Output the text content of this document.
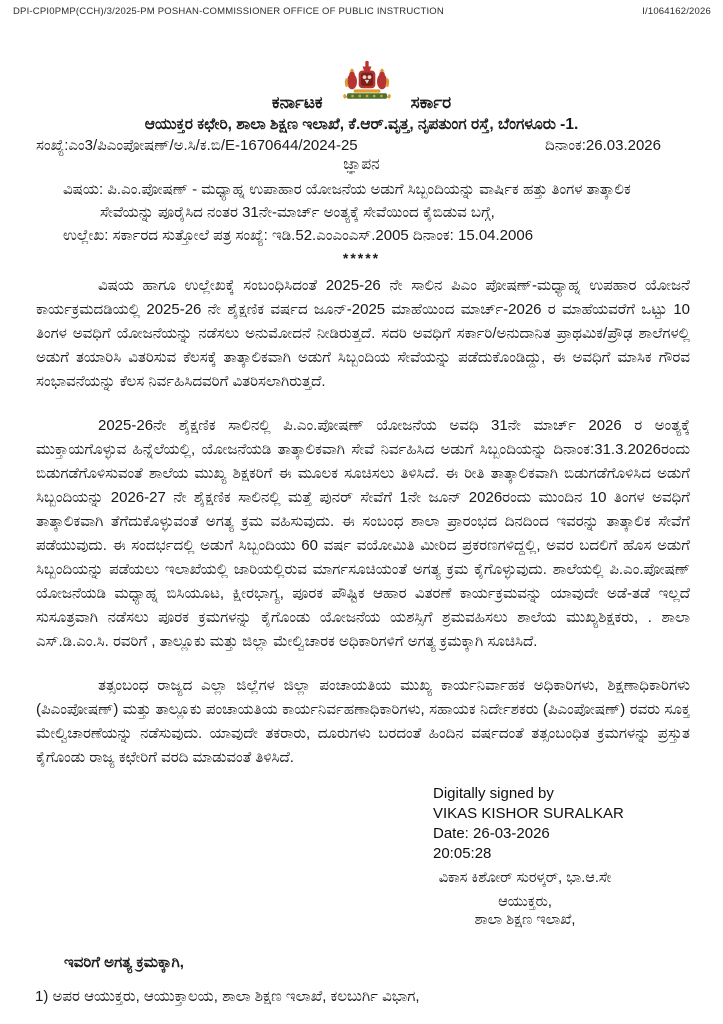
DPI-CPI0PMP(CCH)/3/2025-PM POSHAN-COMMISSIONER OFFICE OF PUBLIC INSTRUCTION	I/1064162/2026
ಕರ್ನಾಟಕ	ಸರ್ಕಾರ
ಆಯುಕ್ತರ ಕಛೇರಿ, ಶಾಲಾ ಶಿಕ್ಷಣ ಇಲಾಖೆ, ಕೆ.ಆರ್.ವೃತ್ತ, ನೃಪತುಂಗ ರಸ್ತೆ, ಬೆಂಗಳೂರು -1.
ಸಂಖ್ಯೆ:ಎಂ3/ಪಿಎಂಪೋಷಣ್/ಅ.ಸಿ/ಕ.ಬಿ/E-1670644/2024-25	ದಿನಾಂಕ:26.03.2026
ಜ್ಞಾಪನ
ವಿಷಯ: ಪಿ.ಎಂ.ಪೋಷಣ್ - ಮಧ್ಯಾಹ್ನ ಉಪಾಹಾರ ಯೋಜನೆಯ ಅಡುಗೆ ಸಿಬ್ಬಂದಿಯನ್ನು ವಾರ್ಷಿಕ ಹತ್ತು ತಿಂಗಳ ತಾತ್ಕಾಲಿಕ ಸೇವೆಯನ್ನು ಪೂರೈಸಿದ ನಂತರ 31ನೇ-ಮಾರ್ಚ್ ಅಂತ್ಯಕ್ಕೆ ಸೇವೆಯಿಂದ ಕೈಬಿಡುವ ಬಗ್ಗೆ,
ಉಲ್ಲೇಖ: ಸರ್ಕಾರದ ಸುತ್ತೋಲೆ ಪತ್ರ ಸಂಖ್ಯೆ: ಇಡಿ.52.ಎಂಎಂಎಸ್.2005 ದಿನಾಂಕ: 15.04.2006
*****

ವಿಷಯ ಹಾಗೂ ಉಲ್ಲೇಖಕ್ಕೆ ಸಂಬಂಧಿಸಿದಂತೆ 2025-26 ನೇ ಸಾಲಿನ ಪಿಎಂ ಪೋಷಣ್-ಮಧ್ಯಾಹ್ನ ಉಪಹಾರ ಯೋಜನೆ ಕಾರ್ಯಕ್ರಮದಡಿಯಲ್ಲಿ 2025-26 ನೇ ಶೈಕ್ಷಣಿಕ ವರ್ಷದ ಜೂನ್-2025 ಮಾಹೆಯಿಂದ ಮಾರ್ಚ್-2026 ರ ಮಾಹೆಯವರೆಗೆ ಒಟ್ಟು 10 ತಿಂಗಳ ಅವಧಿಗೆ ಯೋಜನೆಯನ್ನು ನಡೆಸಲು ಅನುಮೋದನೆ ನೀಡಿರುತ್ತದೆ. ಸದರಿ ಅವಧಿಗೆ ಸರ್ಕಾರಿ/ಅನುದಾನಿತ ಪ್ರಾಥಮಿಕ/ಪ್ರೌಢ ಶಾಲೆಗಳಲ್ಲಿ ಅಡುಗೆ ತಯಾರಿಸಿ ವಿತರಿಸುವ ಕೆಲಸಕ್ಕೆ ತಾತ್ಕಾಲಿಕವಾಗಿ ಅಡುಗೆ ಸಿಬ್ಬಂದಿಯ ಸೇವೆಯನ್ನು ಪಡೆದುಕೊಂಡಿದ್ದು, ಈ ಅವಧಿಗೆ ಮಾಸಿಕ ಗೌರವ ಸಂಭಾವನೆಯನ್ನು ಕೆಲಸ ನಿರ್ವಹಿಸಿದವರಿಗೆ ವಿತರಿಸಲಾಗಿರುತ್ತದೆ.

2025-26ನೇ ಶೈಕ್ಷಣಿಕ ಸಾಲಿನಲ್ಲಿ ಪಿ.ಎಂ.ಪೋಷಣ್ ಯೋಜನೆಯ ಅವಧಿ 31ನೇ ಮಾರ್ಚ್ 2026 ರ ಅಂತ್ಯಕ್ಕೆ ಮುಕ್ತಾಯಗೊಳ್ಳುವ ಹಿನ್ನೆಲೆಯಲ್ಲಿ, ಯೋಜನೆಯಡಿ ತಾತ್ಕಾಲಿಕವಾಗಿ ಸೇವೆ ನಿರ್ವಹಿಸಿದ ಅಡುಗೆ ಸಿಬ್ಬಂದಿಯನ್ನು ದಿನಾಂಕ:31.3.2026ರಂದು ಬಿಡುಗಡೆಗೊಳಿಸುವಂತೆ ಶಾಲೆಯ ಮುಖ್ಯ ಶಿಕ್ಷಕರಿಗೆ ಈ ಮೂಲಕ ಸೂಚಿಸಲು ತಿಳಿಸಿದೆ. ಈ ರೀತಿ ತಾತ್ಕಾಲಿಕವಾಗಿ ಬಿಡುಗಡೆಗೊಳಿಸಿದ ಅಡುಗೆ ಸಿಬ್ಬಂದಿಯನ್ನು 2026-27 ನೇ ಶೈಕ್ಷಣಿಕ ಸಾಲಿನಲ್ಲಿ ಮತ್ತೆ ಪುನರ್ ಸೇವೆಗೆ 1ನೇ ಜೂನ್ 2026ರಂದು ಮುಂದಿನ 10 ತಿಂಗಳ ಅವಧಿಗೆ ತಾತ್ಕಾಲಿಕವಾಗಿ ತೆಗೆದುಕೊಳ್ಳುವಂತೆ ಅಗತ್ಯ ಕ್ರಮ ವಹಿಸುವುದು. ಈ ಸಂಬಂಧ ಶಾಲಾ ಪ್ರಾರಂಭದ ದಿನದಿಂದ ಇವರನ್ನು ತಾತ್ಕಾಲಿಕ ಸೇವೆಗೆ ಪಡೆಯುವುದು. ಈ ಸಂದರ್ಭದಲ್ಲಿ ಅಡುಗೆ ಸಿಬ್ಬಂದಿಯು 60 ವರ್ಷ ವಯೋಮಿತಿ ಮೀರಿದ ಪ್ರಕರಣಗಳಿದ್ದಲ್ಲಿ, ಅವರ ಬದಲಿಗೆ ಹೊಸ ಅಡುಗೆ ಸಿಬ್ಬಂದಿಯನ್ನು ಪಡೆಯಲು ಇಲಾಖೆಯಲ್ಲಿ ಜಾರಿಯಲ್ಲಿರುವ ಮಾರ್ಗಸೂಚಿಯಂತೆ ಅಗತ್ಯ ಕ್ರಮ ಕೈಗೊಳ್ಳುವುದು. ಶಾಲೆಯಲ್ಲಿ ಪಿ.ಎಂ.ಪೋಷಣ್ ಯೋಜನೆಯಡಿ ಮಧ್ಯಾಹ್ನ ಬಿಸಿಯೂಟ, ಕ್ಷೀರಭಾಗ್ಯ, ಪೂರಕ ಪೌಷ್ಟಿಕ ಆಹಾರ ವಿತರಣೆ ಕಾರ್ಯಕ್ರಮವನ್ನು ಯಾವುದೇ ಅಡೆ-ತಡೆ ಇಲ್ಲದೆ ಸುಸೂತ್ರವಾಗಿ ನಡೆಸಲು ಪೂರಕ ಕ್ರಮಗಳನ್ನು ಕೈಗೊಂಡು ಯೋಜನೆಯ ಯಶಸ್ಸಿಗೆ ಶ್ರಮವಹಿಸಲು ಶಾಲೆಯ ಮುಖ್ಯಶಿಕ್ಷಕರು, . ಶಾಲಾ ಎಸ್.ಡಿ.ಎಂ.ಸಿ. ರವರಿಗೆ , ತಾಲ್ಲೂಕು ಮತ್ತು ಜಿಲ್ಲಾ ಮೇಲ್ವಿಚಾರಕ ಅಧಿಕಾರಿಗಳಿಗೆ ಅಗತ್ಯ ಕ್ರಮಕ್ಕಾಗಿ ಸೂಚಿಸಿದೆ.

ತತ್ಸಂಬಂಧ ರಾಜ್ಯದ ಎಲ್ಲಾ ಜಿಲ್ಲೆಗಳ ಜಿಲ್ಲಾ ಪಂಚಾಯತಿಯ ಮುಖ್ಯ ಕಾರ್ಯನಿರ್ವಾಹಕ ಅಧಿಕಾರಿಗಳು, ಶಿಕ್ಷಣಾಧಿಕಾರಿಗಳು (ಪಿಎಂಪೋಷಣ್) ಮತ್ತು ತಾಲ್ಲೂಕು ಪಂಚಾಯತಿಯ ಕಾರ್ಯನಿರ್ವಹಣಾಧಿಕಾರಿಗಳು, ಸಹಾಯಕ ನಿರ್ದೇಶಕರು (ಪಿಎಂಪೋಷಣ್) ರವರು ಸೂಕ್ತ ಮೇಲ್ವಿಚಾರಣೆಯನ್ನು ನಡೆಸುವುದು. ಯಾವುದೇ ತಕರಾರು, ದೂರುಗಳು ಬರದಂತೆ ಹಿಂದಿನ ವರ್ಷದಂತೆ ತತ್ಸಂಬಂಧಿತ ಕ್ರಮಗಳನ್ನು ಪ್ರಸ್ತುತ ಕೈಗೊಂಡು ರಾಜ್ಯ ಕಛೇರಿಗೆ ವರದಿ ಮಾಡುವಂತೆ ತಿಳಿಸಿದೆ.

Digitally signed by
VIKAS KISHOR SURALKAR
Date: 26-03-2026
20:05:28
ವಿಕಾಸ ಕಿಶೋರ್ ಸುರಳ್ಕರ್, ಭಾ.ಆ.ಸೇ
ಆಯುಕ್ತರು,
ಶಾಲಾ ಶಿಕ್ಷಣ ಇಲಾಖೆ,
ಇವರಿಗೆ ಅಗತ್ಯ ಕ್ರಮಕ್ಕಾಗಿ,
1) ಅಪರ ಆಯುಕ್ತರು, ಆಯುಕ್ತಾಲಯ, ಶಾಲಾ ಶಿಕ್ಷಣ ಇಲಾಖೆ, ಕಲಬುರ್ಗಿ ವಿಭಾಗ,
